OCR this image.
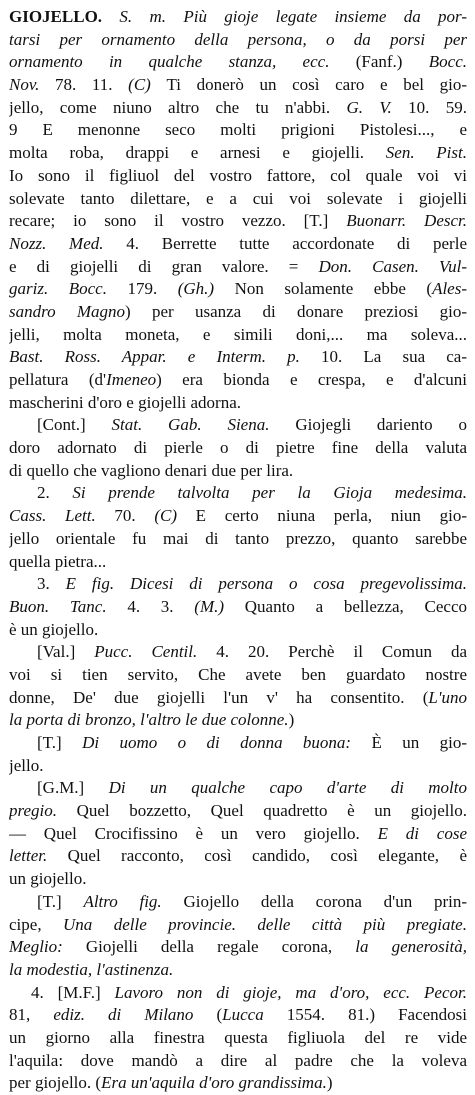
GIOJELLO. S. m. Più gioje legate insieme da por-
tarsi per ornamento della persona, o da porsi per
ornamento in qualche stanza, ecc. (Fanf.) Bocc.
Nov. 78. 11. (C) Ti donerò un così caro e bel gio-
jello, come niuno altro che tu n'abbi. G. V. 10. 59.
9 E menonne seco molti prigioni Pistolesi..., e
molta roba, drappi e arnesi e giojelli. Sen. Pist.
Io sono il figliuol del vostro fattore, col quale voi vi
solevate tanto dilettare, e a cui voi solevate i giojelli
recare; io sono il vostro vezzo. [T.] Buonarr. Descr.
Nozz. Med. 4. Berrette tutte accordonate di perle
e di giojelli di gran valore. = Don. Casen. Vul-
gariz. Bocc. 179. (Gh.) Non solamente ebbe (Ales-
sandro Magno) per usanza di donare preziosi gio-
jelli, molta moneta, e simili doni,... ma soleva...
Bast. Ross. Appar. e Interm. p. 10. La sua ca-
pellatura (d'Imeneo) era bionda e crespa, e d'alcuni
mascherini d'oro e giojelli adorna.
[Cont.] Stat. Gab. Siena. Giojegli dariento o
doro adornato di pierle o di pietre fine della valuta
di quello che vagliono denari due per lira.
2. Si prende talvolta per la Gioja medesima.
Cass. Lett. 70. (C) E certo niuna perla, niun gio-
jello orientale fu mai di tanto prezzo, quanto sarebbe
quella pietra...
3. E fig. Dicesi di persona o cosa pregevolissima.
Buon. Tanc. 4. 3. (M.) Quanto a bellezza, Cecco
è un giojello.
[Val.] Pucc. Centil. 4. 20. Perchè il Comun da
voi si tien servito, Che avete ben guardato nostre
donne, De' due giojelli l'un v' ha consentito. (L'uno
la porta di bronzo, l'altro le due colonne.)
[T.] Di uomo o di donna buona: È un gio-
jello.
[G.M.] Di un qualche capo d'arte di molto
pregio. Quel bozzetto, Quel quadretto è un giojello.
— Quel Crocifissino è un vero giojello. E di cose
letter. Quel racconto, così candido, così elegante, è
un giojello.
[T.] Altro fig. Giojello della corona d'un prin-
cipe, Una delle provincie. delle città più pregiate.
Meglio: Giojelli della regale corona, la generosità,
la modestia, l'astinenza.
4. [M.F.] Lavoro non di gioje, ma d'oro, ecc. Pecor.
81, ediz. di Milano (Lucca 1554. 81.) Facendosi
un giorno alla finestra questa figliuola del re vide
l'aquila: dove mandò a dire al padre che la voleva
per giojello. (Era un'aquila d'oro grandissima.)
